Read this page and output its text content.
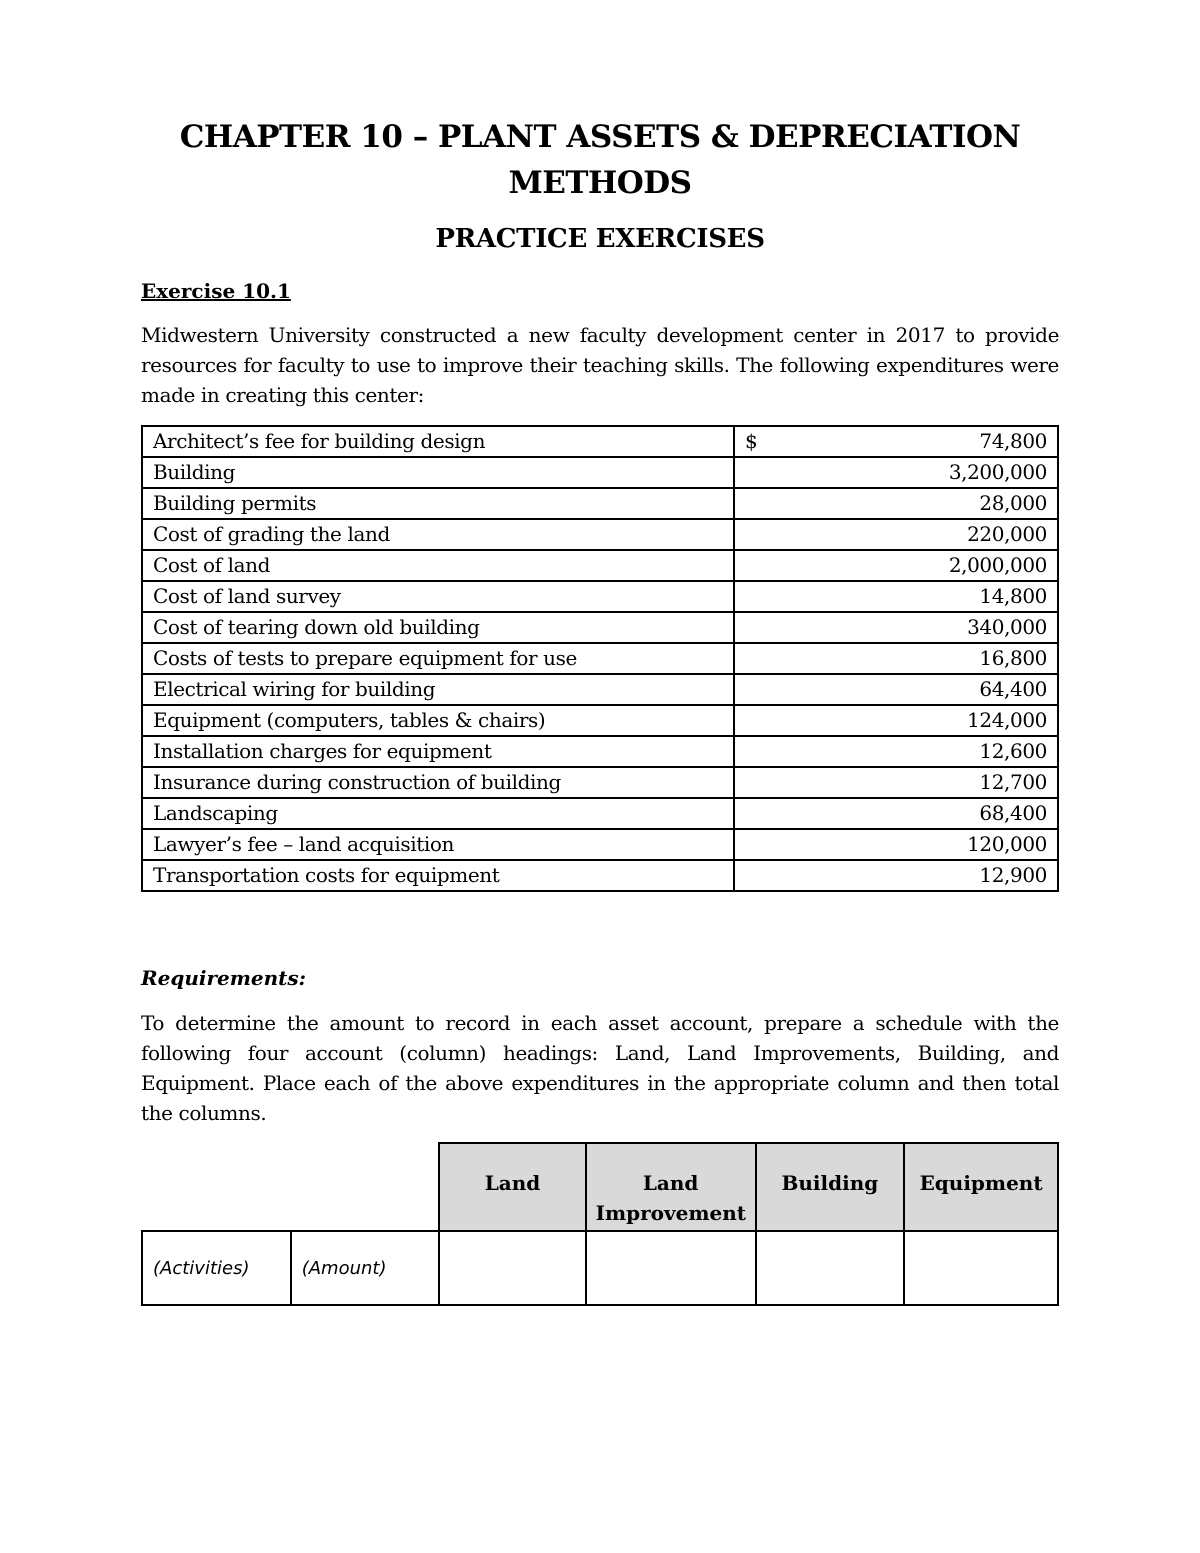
CHAPTER 10 – PLANT ASSETS & DEPRECIATION METHODS
PRACTICE EXERCISES
Exercise 10.1
Midwestern University constructed a new faculty development center in 2017 to provide resources for faculty to use to improve their teaching skills. The following expenditures were made in creating this center:
Architect’s fee for building design	$ 74,800
Building	3,200,000
Building permits	28,000
Cost of grading the land	220,000
Cost of land	2,000,000
Cost of land survey	14,800
Cost of tearing down old building	340,000
Costs of tests to prepare equipment for use	16,800
Electrical wiring for building	64,400
Equipment (computers, tables & chairs)	124,000
Installation charges for equipment	12,600
Insurance during construction of building	12,700
Landscaping	68,400
Lawyer’s fee – land acquisition	120,000
Transportation costs for equipment	12,900
Requirements:
To determine the amount to record in each asset account, prepare a schedule with the following four account (column) headings: Land, Land Improvements, Building, and Equipment. Place each of the above expenditures in the appropriate column and then total the columns.
		Land	Land Improvement	Building	Equipment
(Activities)	(Amount)				
